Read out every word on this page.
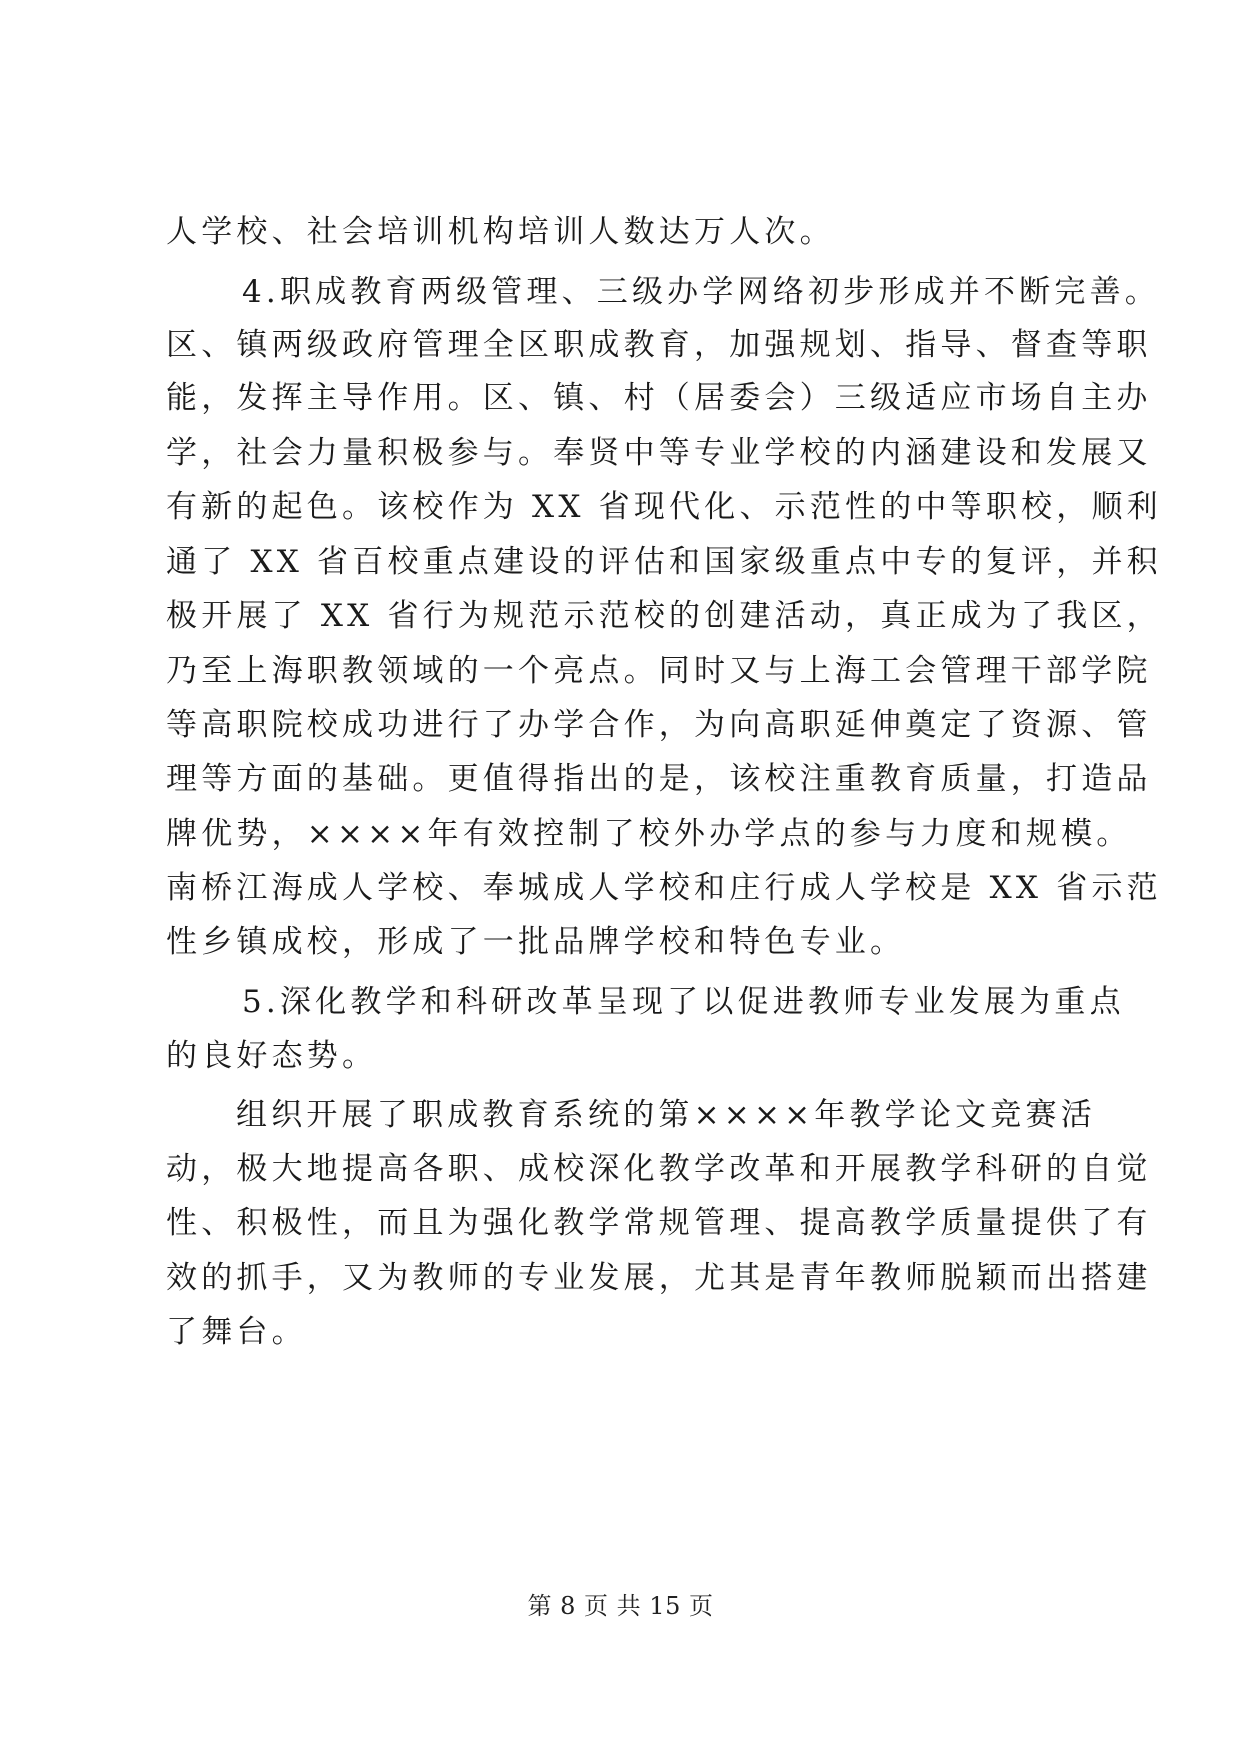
人学校、社会培训机构培训人数达万人次。
4.职成教育两级管理、三级办学网络初步形成并不断完善。
区、镇两级政府管理全区职成教育，加强规划、指导、督查等职
能，发挥主导作用。区、镇、村（居委会）三级适应市场自主办
学，社会力量积极参与。奉贤中等专业学校的内涵建设和发展又
有新的起色。该校作为 XX 省现代化、示范性的中等职校，顺利
通了 XX 省百校重点建设的评估和国家级重点中专的复评，并积
极开展了 XX 省行为规范示范校的创建活动，真正成为了我区，
乃至上海职教领域的一个亮点。同时又与上海工会管理干部学院
等高职院校成功进行了办学合作，为向高职延伸奠定了资源、管
理等方面的基础。更值得指出的是，该校注重教育质量，打造品
牌优势，××××年有效控制了校外办学点的参与力度和规模。
南桥江海成人学校、奉城成人学校和庄行成人学校是 XX 省示范
性乡镇成校，形成了一批品牌学校和特色专业。
5.深化教学和科研改革呈现了以促进教师专业发展为重点
的良好态势。
组织开展了职成教育系统的第××××年教学论文竞赛活
动，极大地提高各职、成校深化教学改革和开展教学科研的自觉
性、积极性，而且为强化教学常规管理、提高教学质量提供了有
效的抓手，又为教师的专业发展，尤其是青年教师脱颖而出搭建
了舞台。
第 8 页 共 15 页
